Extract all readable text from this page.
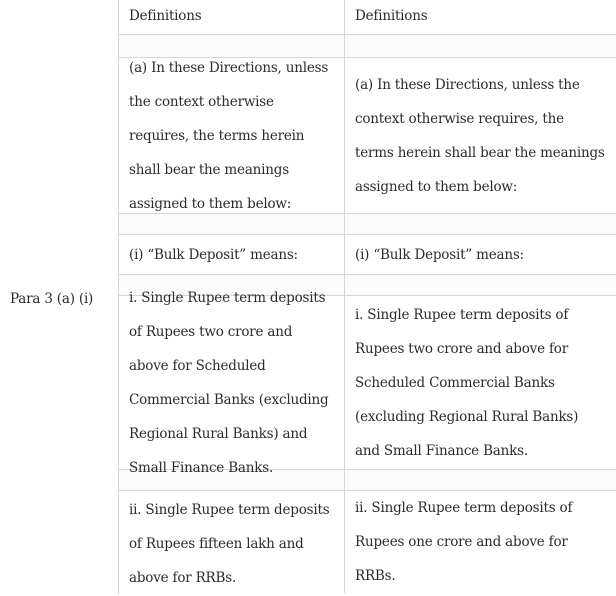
Para 3 (a) (i)
Definitions	Definitions
(a) In these Directions, unless the context otherwise requires, the terms herein shall bear the meanings assigned to them below:
(a) In these Directions, unless the context otherwise requires, the terms herein shall bear the meanings assigned to them below:
(i) “Bulk Deposit” means:	(i) “Bulk Deposit” means:
i. Single Rupee term deposits of Rupees two crore and above for Scheduled Commercial Banks (excluding Regional Rural Banks) and Small Finance Banks.
i. Single Rupee term deposits of Rupees two crore and above for Scheduled Commercial Banks (excluding Regional Rural Banks) and Small Finance Banks.
ii. Single Rupee term deposits of Rupees fifteen lakh and above for RRBs.
ii. Single Rupee term deposits of Rupees one crore and above for RRBs.
